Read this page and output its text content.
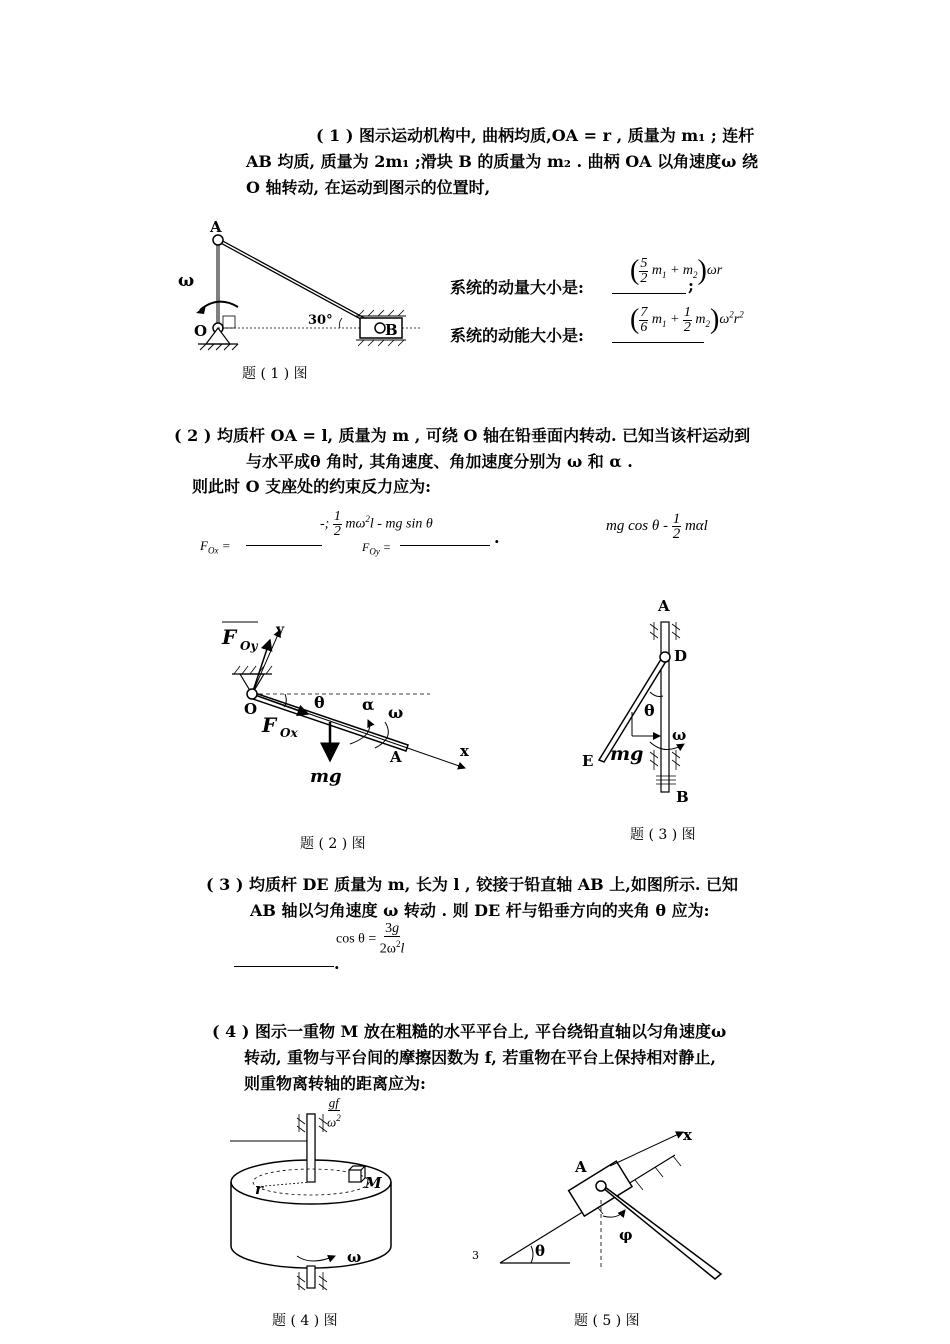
( 1 ) 图示运动机构中, 曲柄均质,OA = r , 质量为 m₁ ; 连杆
AB 均质, 质量为 2m₁ ;滑块 B 的质量为 m₂ . 曲柄 OA 以角速度ω 绕
O 轴转动, 在运动到图示的位置时,
A
O	B
ω
30°
题 ( 1 ) 图
系统的动量大小是:	;
( $\frac{5}{2} m_1 + m_2)\omega r$
系统的动能大小是:
( $\frac{7}{6} m_1 + \frac{1}{2} m_2)\omega^2r^2$
( 2 ) 均质杆 OA = l, 质量为 m , 可绕 O 轴在铅垂面内转动. 已知当该杆运动到
与水平成θ 角时, 其角速度、角加速度分别为 ω 和 α .
则此时 O 支座处的约束反力应为:
$F_{Ox}$ =
-; $\frac{1}{2} m\omega^2l$ - mg sin θ
$F_{Oy}$ =	.
mg cos θ - $\frac{1}{2}$ mαl
F Oy
y
O	θ α ω
F Ox
A	x
mg
题 ( 2 ) 图
A
D
θ
ω
E mg
B
题 ( 3 ) 图
( 3 ) 均质杆 DE 质量为 m, 长为 l , 铰接于铅直轴 AB 上,如图所示. 已知
AB 轴以匀角速度 ω 转动 . 则 DE 杆与铅垂方向的夹角 θ 应为:
.
$\cos \theta = \frac{3g}{2\omega^2l}$
( 4 ) 图示一重物 M 放在粗糙的水平平台上, 平台绕铅直轴以匀角速度ω
转动, 重物与平台间的摩擦因数为 f, 若重物在平台上保持相对静止,
则重物离转轴的距离应为:
r	M
ω
$\frac{gf}{\omega^2}$
题 ( 4 ) 图
A
x
θ
φ
题 ( 5 ) 图
3
